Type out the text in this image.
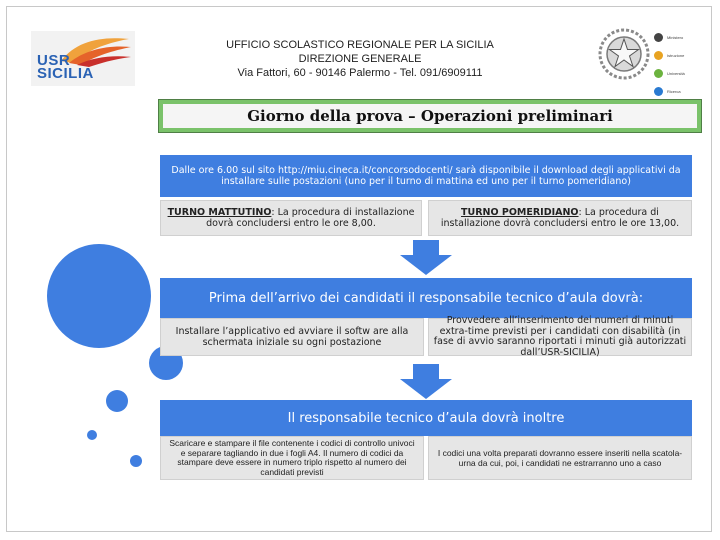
USR
SICILIA
UFFICIO SCOLASTICO REGIONALE PER LA SICILIA
DIREZIONE GENERALE
Via Fattori, 60 - 90146 Palermo - Tel. 091/6909111
Ministero
Istruzione
Università
Ricerca
Giorno della prova – Operazioni preliminari
Dalle ore 6.00 sul sito http://miu.cineca.it/concorsodocenti/ sarà disponibile il download degli applicativi da installare sulle postazioni (uno per il turno di mattina ed uno per il turno pomeridiano)
TURNO MATTUTINO: La procedura di installazione dovrà concludersi entro le ore 8,00.
TURNO POMERIDIANO: La procedura di installazione dovrà concludersi entro le ore 13,00.
Prima dell’arrivo dei candidati il responsabile tecnico d’aula dovrà:
Installare l’applicativo ed avviare il softw are alla schermata iniziale su ogni postazione
Provvedere all’inserimento dei numeri di minuti extra-time previsti per i candidati con disabilità (in fase di avvio saranno riportati i minuti già autorizzati dall’USR-SICILIA)
Il responsabile tecnico d’aula dovrà inoltre
Scaricare e stampare il file contenente i codici di controllo univoci e separare tagliando in due i fogli A4. Il numero di codici da stampare deve essere in numero triplo rispetto al numero dei candidati previsti
I codici una volta preparati dovranno essere inseriti nella scatola-urna da cui, poi, i candidati ne estrarranno uno a caso
